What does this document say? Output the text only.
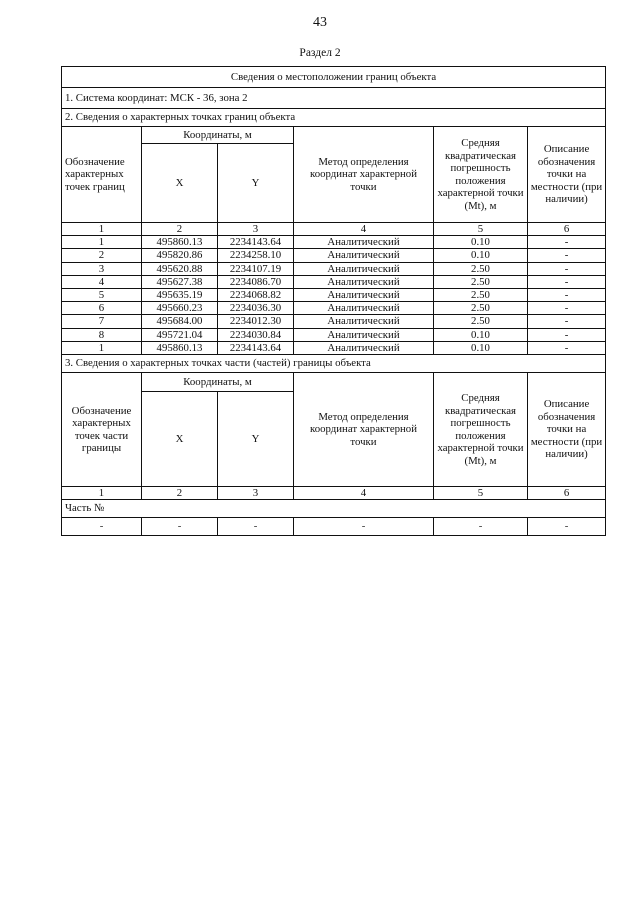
43
Раздел 2
Сведения о местоположении границ объекта					
1. Система координат: МСК - 36, зона 2					
2. Сведения о характерных точках границ объекта					
Обозначение характерных точек границ	Координаты, м		Метод определения координат характерной точки	Средняя квадратическая погрешность положения характерной точки (Mt), м	Описание обозначения точки на местности (при наличии)
	X	Y			
1	2	3	4	5	6
1	495860.13	2234143.64	Аналитический	0.10	-
2	495820.86	2234258.10	Аналитический	0.10	-
3	495620.88	2234107.19	Аналитический	2.50	-
4	495627.38	2234086.70	Аналитический	2.50	-
5	495635.19	2234068.82	Аналитический	2.50	-
6	495660.23	2234036.30	Аналитический	2.50	-
7	495684.00	2234012.30	Аналитический	2.50	-
8	495721.04	2234030.84	Аналитический	0.10	-
1	495860.13	2234143.64	Аналитический	0.10	-
3. Сведения о характерных точках части (частей) границы объекта					
Обозначение характерных точек части границы	Координаты, м		Метод определения координат характерной точки	Средняя квадратическая погрешность положения характерной точки (Mt), м	Описание обозначения точки на местности (при наличии)
	X	Y			
1	2	3	4	5	6
Часть №					
-	-	-	-	-	-
